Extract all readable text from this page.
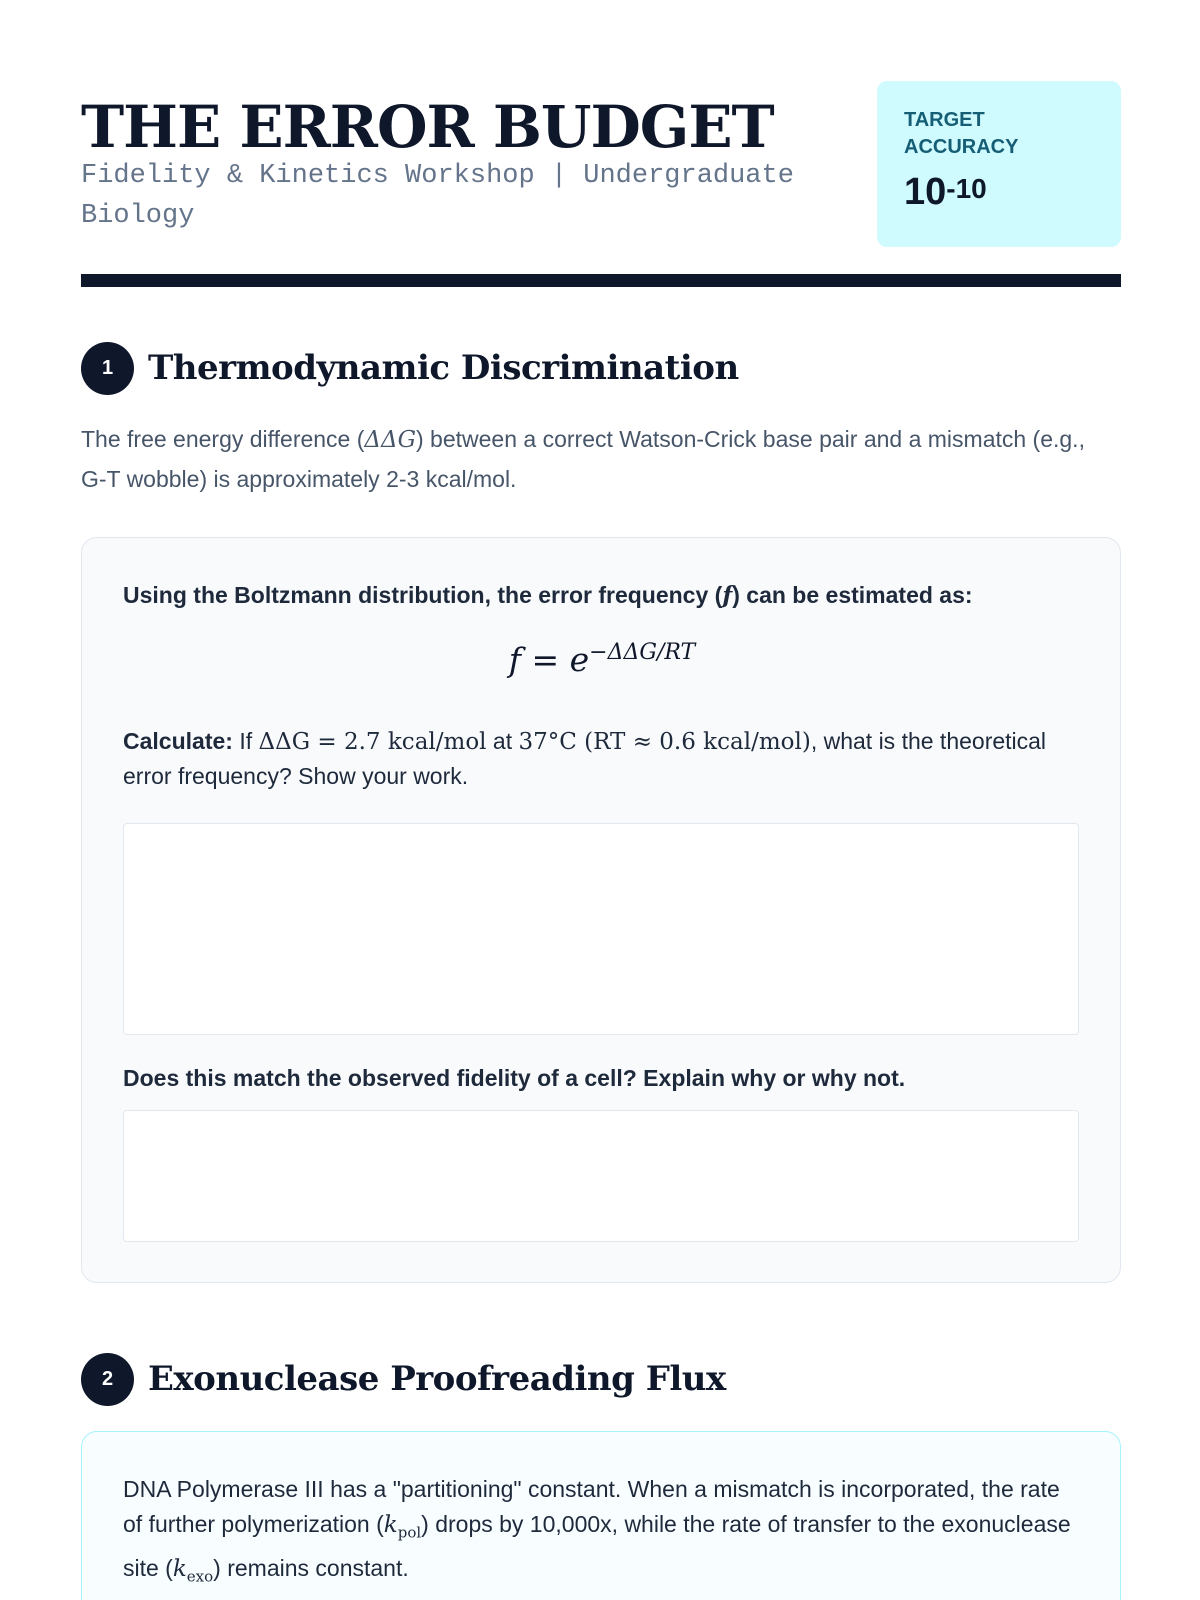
THE ERROR BUDGET
Fidelity & Kinetics Workshop | Undergraduate Biology
TARGET ACCURACY
$10^{-10}$
1	Thermodynamic Discrimination
The free energy difference (ΔΔG) between a correct Watson-Crick base pair and a mismatch (e.g., G-T wobble) is approximately 2-3 kcal/mol.
Using the Boltzmann distribution, the error frequency (f) can be estimated as:
$f = e^{-\Delta\Delta G/RT}$
Calculate: If ΔΔG = 2.7 kcal/mol at 37°C (RT ≈ 0.6 kcal/mol), what is the theoretical error frequency? Show your work.
Does this match the observed fidelity of a cell? Explain why or why not.
2	Exonuclease Proofreading Flux
DNA Polymerase III has a "partitioning" constant. When a mismatch is incorporated, the rate of further polymerization $(k_{pol})$ drops by 10,000x, while the rate of transfer to the exonuclease site $(k_{exo})$ remains constant.
